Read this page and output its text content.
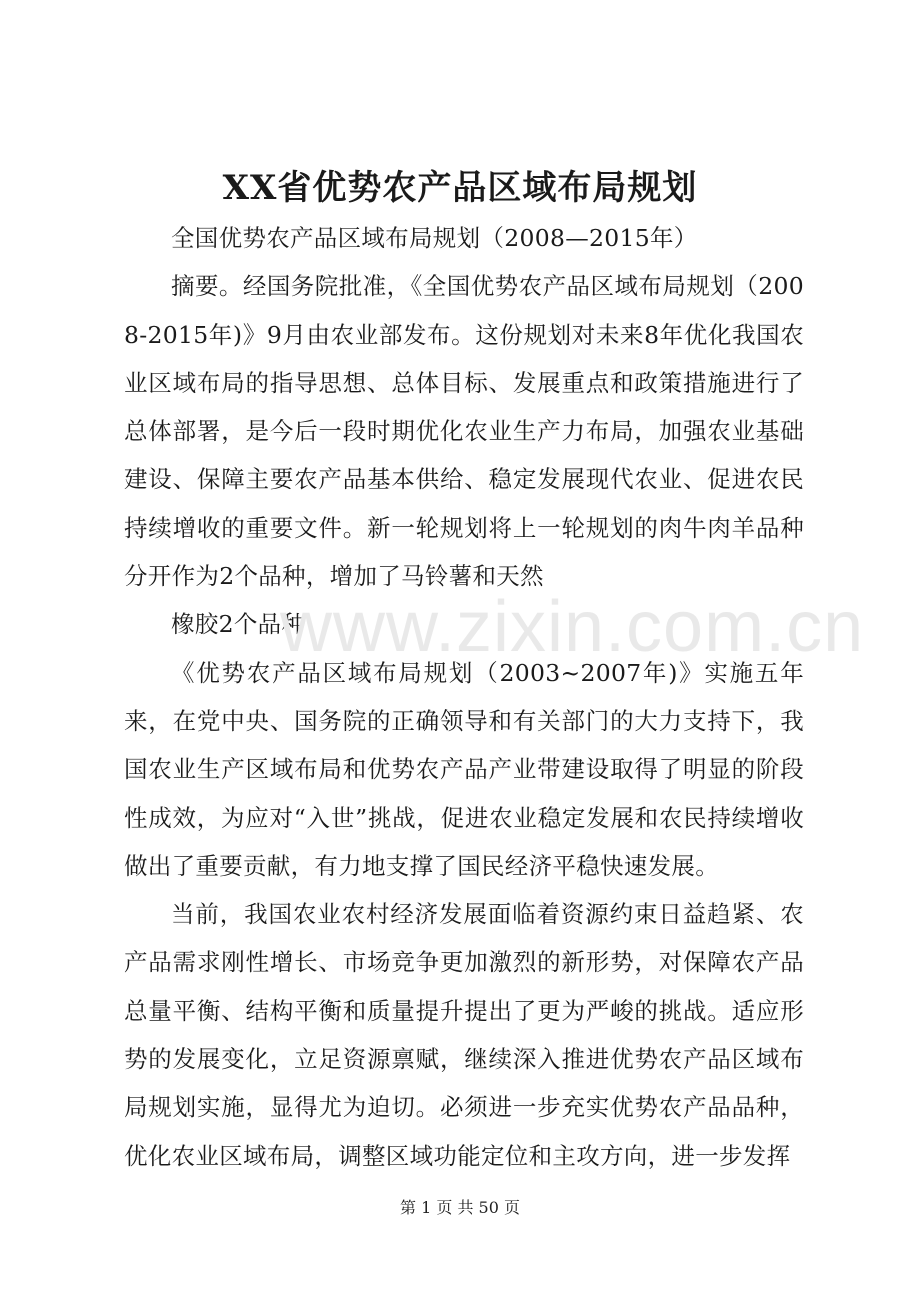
XX省优势农产品区域布局规划

全国优势农产品区域布局规划（2008—2015年）

摘要。经国务院批准，《全国优势农产品区域布局规划（2008-2015年)》9月由农业部发布。这份规划对未来8年优化我国农业区域布局的指导思想、总体目标、发展重点和政策措施进行了总体部署，是今后一段时期优化农业生产力布局，加强农业基础建设、保障主要农产品基本供给、稳定发展现代农业、促进农民持续增收的重要文件。新一轮规划将上一轮规划的肉牛肉羊品种分开作为2个品种，增加了马铃薯和天然

橡胶2个品种

《优势农产品区域布局规划（2003~2007年)》实施五年来，在党中央、国务院的正确领导和有关部门的大力支持下，我国农业生产区域布局和优势农产品产业带建设取得了明显的阶段性成效，为应对“入世”挑战，促进农业稳定发展和农民持续增收做出了重要贡献，有力地支撑了国民经济平稳快速发展。

当前，我国农业农村经济发展面临着资源约束日益趋紧、农产品需求刚性增长、市场竞争更加激烈的新形势，对保障农产品总量平衡、结构平衡和质量提升提出了更为严峻的挑战。适应形势的发展变化，立足资源禀赋，继续深入推进优势农产品区域布局规划实施，显得尤为迫切。必须进一步充实优势农产品品种，优化农业区域布局，调整区域功能定位和主攻方向，进一步发挥

www.zixin.com.cn
第 1 页 共 50 页
